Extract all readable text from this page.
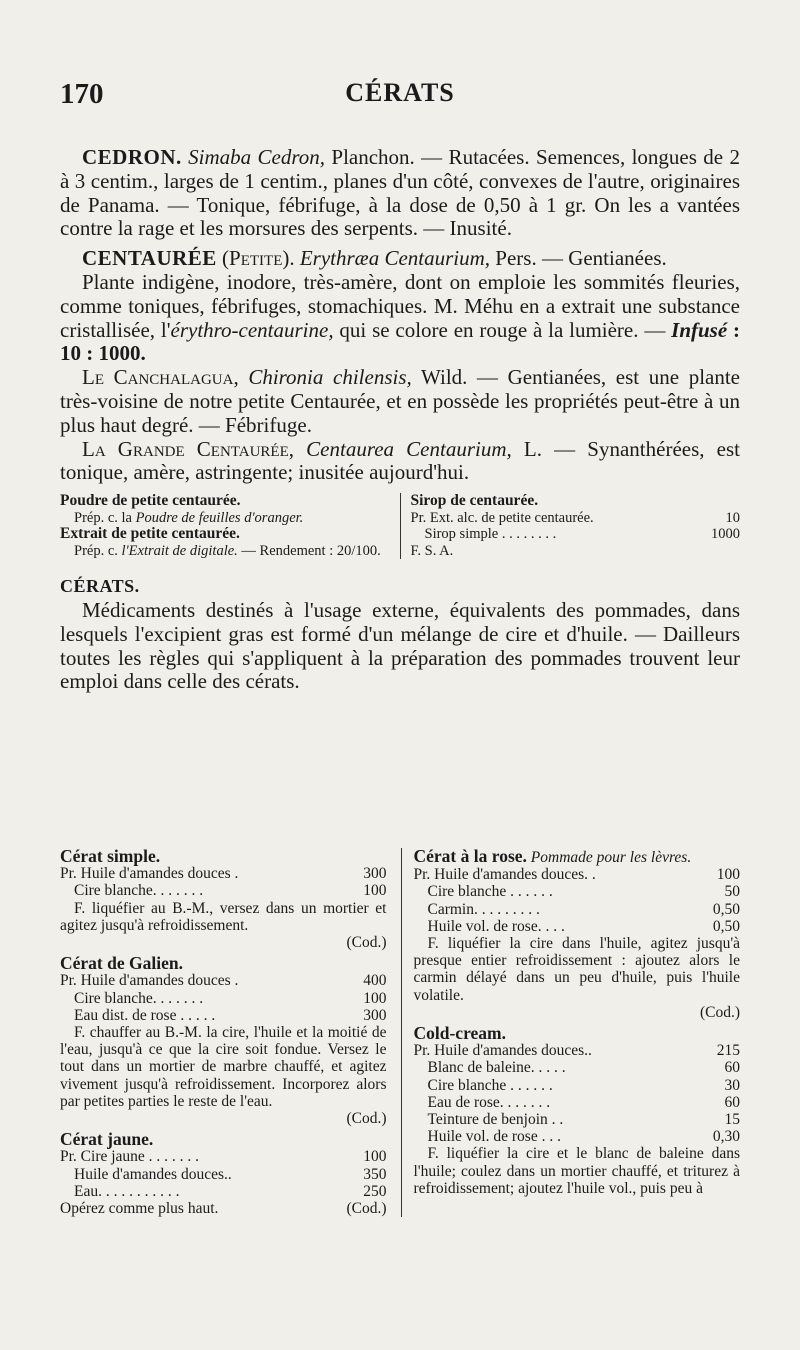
170	CÉRATS

CEDRON. Simaba Cedron, Planchon. — Rutacées. Semences, longues de 2 à 3 centim., larges de 1 centim., planes d'un côté, convexes de l'autre, originaires de Panama. — Tonique, fébrifuge, à la dose de 0,50 à 1 gr. On les a vantées contre la rage et les morsures des serpents. — Inusité.

CENTAURÉE (Petite). Erythræa Centaurium, Pers. — Gentianées.

Plante indigène, inodore, très-amère, dont on emploie les sommités fleuries, comme toniques, fébrifuges, stomachiques. M. Méhu en a extrait une substance cristallisée, l'érythro-centaurine, qui se colore en rouge à la lumière. — Infusé : 10 : 1000.

Le Canchalagua, Chironia chilensis, Wild. — Gentianées, est une plante très-voisine de notre petite Centaurée, et en possède les propriétés peut-être à un plus haut degré. — Fébrifuge.

La Grande Centaurée, Centaurea Centaurium, L. — Synanthérées, est tonique, amère, astringente; inusitée aujourd'hui.

Poudre de petite centaurée.
Prép. c. la Poudre de feuilles d'oranger.
Extrait de petite centaurée.
Prép. c. l'Extrait de digitale. — Rendement : 20/100.
Sirop de centaurée.
Pr. Ext. alc. de petite centaurée.	10
Sirop simple . . . . . . . .	1000
F. S. A.
CÉRATS.

Médicaments destinés à l'usage externe, équivalents des pommades, dans lesquels l'excipient gras est formé d'un mélange de cire et d'huile. — Dailleurs toutes les règles qui s'appliquent à la préparation des pommades trouvent leur emploi dans celle des cérats.

Cérat simple.
Pr. Huile d'amandes douces .	300
Cire blanche. . . . . . .	100
F. liquéfier au B.-M., versez dans un mortier et agitez jusqu'à refroidissement.
(Cod.)
Cérat de Galien.
Pr. Huile d'amandes douces .	400
Cire blanche. . . . . . .	100
Eau dist. de rose . . . . .	300
F. chauffer au B.-M. la cire, l'huile et la moitié de l'eau, jusqu'à ce que la cire soit fondue. Versez le tout dans un mortier de marbre chauffé, et agitez vivement jusqu'à refroidissement. Incorporez alors par petites parties le reste de l'eau.
(Cod.)
Cérat jaune.
Pr. Cire jaune . . . . . . .	100
Huile d'amandes douces..	350
Eau. . . . . . . . . . .	250
Opérez comme plus haut.	(Cod.)
Cérat à la rose. Pommade pour les lèvres.
Pr. Huile d'amandes douces. .	100
Cire blanche . . . . . .	50
Carmin. . . . . . . . .	0,50
Huile vol. de rose. . . .	0,50
F. liquéfier la cire dans l'huile, agitez jusqu'à presque entier refroidissement : ajoutez alors le carmin délayé dans un peu d'huile, puis l'huile volatile.
(Cod.)
Cold-cream.
Pr. Huile d'amandes douces..	215
Blanc de baleine. . . . .	60
Cire blanche . . . . . .	30
Eau de rose. . . . . . .	60
Teinture de benjoin . .	15
Huile vol. de rose . . .	0,30
F. liquéfier la cire et le blanc de baleine dans l'huile; coulez dans un mortier chauffé, et triturez à refroidissement; ajoutez l'huile vol., puis peu à
